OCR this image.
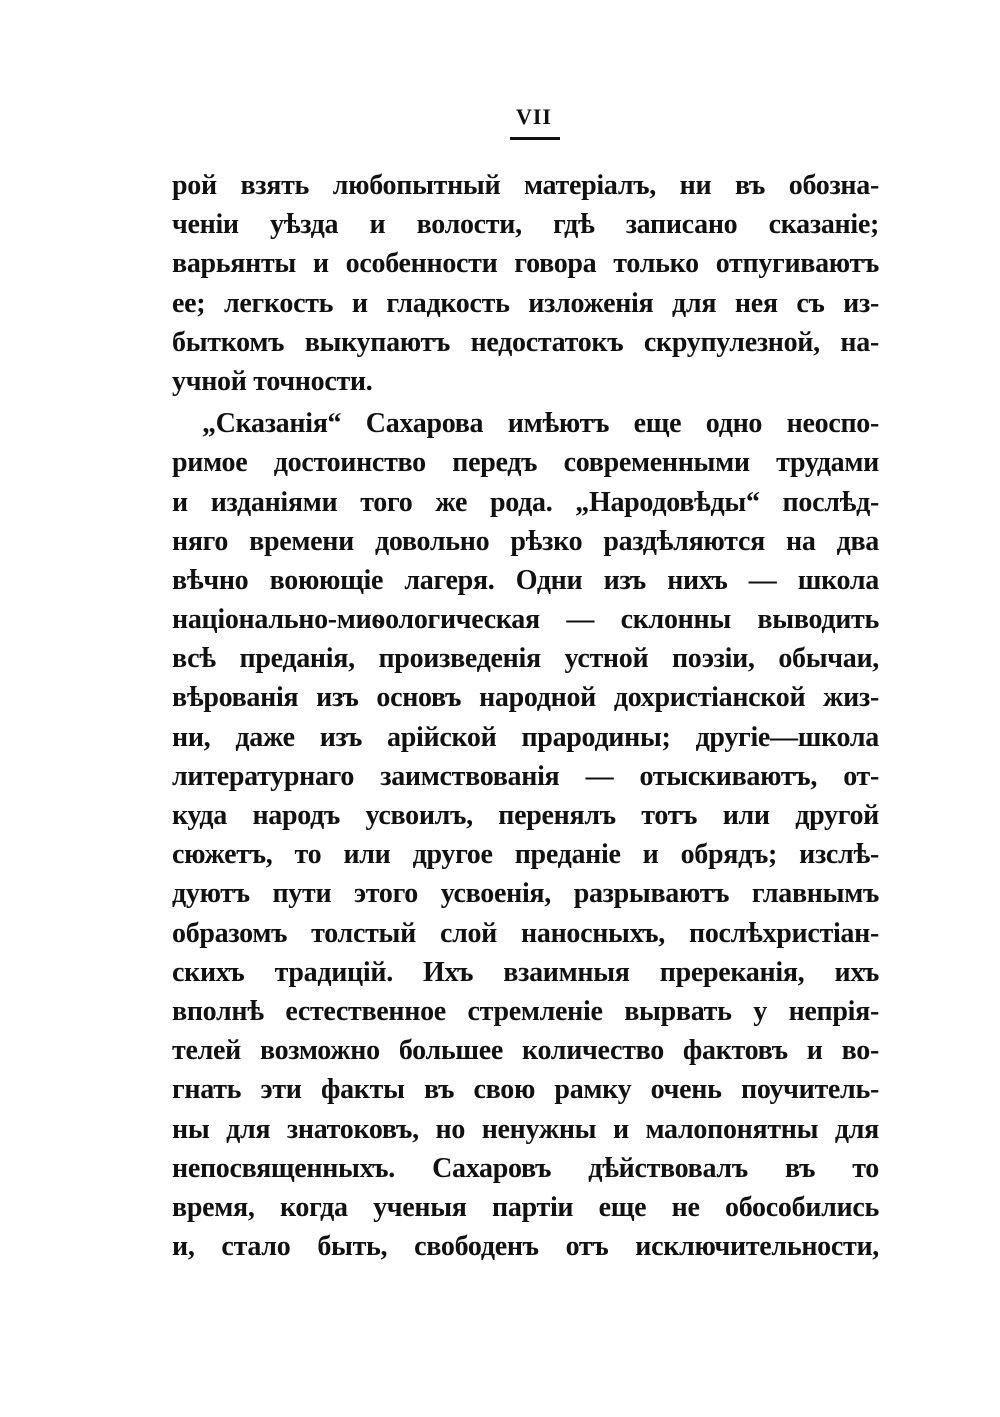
VII
рой взять любопытный матеріалъ, ни въ обозна-
ченіи уѣзда и волости, гдѣ записано сказаніе;
варьянты и особенности говора только отпугиваютъ
ее; легкость и гладкость изложенія для нея съ из-
быткомъ выкупаютъ недостатокъ скрупулезной, на-
учной точности.
„Сказанія“ Сахарова имѣютъ еще одно неоспо-
римое достоинство передъ современными трудами
и изданіями того же рода. „Народовѣды“ послѣд-
няго времени довольно рѣзко раздѣляются на два
вѣчно воюющіе лагеря. Одни изъ нихъ — школа
національно-миѳологическая — склонны выводить
всѣ преданія, произведенія устной поэзіи, обычаи,
вѣрованія изъ основъ народной дохристіанской жиз-
ни, даже изъ арійской прародины; другіе—школа
литературнаго заимствованія — отыскиваютъ, от-
куда народъ усвоилъ, перенялъ тотъ или другой
сюжетъ, то или другое преданіе и обрядъ; изслѣ-
дуютъ пути этого усвоенія, разрываютъ главнымъ
образомъ толстый слой наносныхъ, послѣхристіан-
скихъ традицій. Ихъ взаимныя пререканія, ихъ
вполнѣ естественное стремленіе вырвать у непрія-
телей возможно большее количество фактовъ и во-
гнать эти факты въ свою рамку очень поучитель-
ны для знатоковъ, но ненужны и малопонятны для
непосвященныхъ. Сахаровъ дѣйствовалъ въ то
время, когда ученыя партіи еще не обособились
и, стало быть, свободенъ отъ исключительности,
